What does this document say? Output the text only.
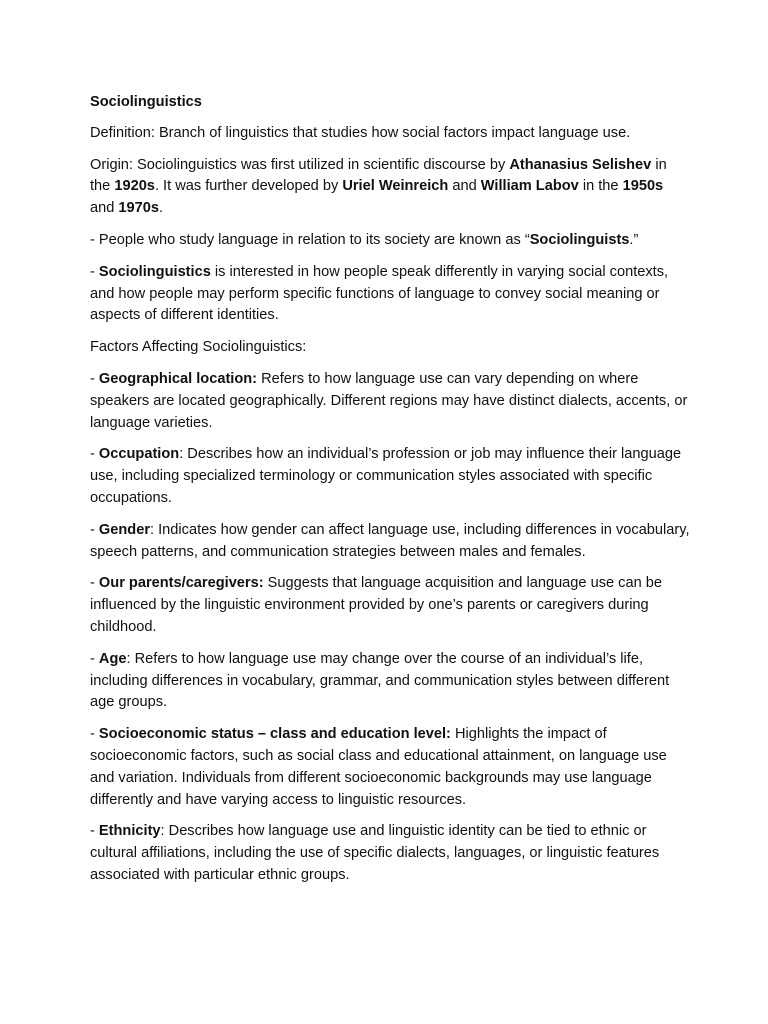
Sociolinguistics

Definition: Branch of linguistics that studies how social factors impact language use.

Origin: Sociolinguistics was first utilized in scientific discourse by Athanasius Selishev in the 1920s. It was further developed by Uriel Weinreich and William Labov in the 1950s and 1970s.

- People who study language in relation to its society are known as “Sociolinguists.”

- Sociolinguistics is interested in how people speak differently in varying social contexts, and how people may perform specific functions of language to convey social meaning or aspects of different identities.

Factors Affecting Sociolinguistics:

- Geographical location: Refers to how language use can vary depending on where speakers are located geographically. Different regions may have distinct dialects, accents, or language varieties.

- Occupation: Describes how an individual’s profession or job may influence their language use, including specialized terminology or communication styles associated with specific occupations.

- Gender: Indicates how gender can affect language use, including differences in vocabulary, speech patterns, and communication strategies between males and females.

- Our parents/caregivers: Suggests that language acquisition and language use can be influenced by the linguistic environment provided by one’s parents or caregivers during childhood.

- Age: Refers to how language use may change over the course of an individual’s life, including differences in vocabulary, grammar, and communication styles between different age groups.

- Socioeconomic status – class and education level: Highlights the impact of socioeconomic factors, such as social class and educational attainment, on language use and variation. Individuals from different socioeconomic backgrounds may use language differently and have varying access to linguistic resources.

- Ethnicity: Describes how language use and linguistic identity can be tied to ethnic or cultural affiliations, including the use of specific dialects, languages, or linguistic features associated with particular ethnic groups.
